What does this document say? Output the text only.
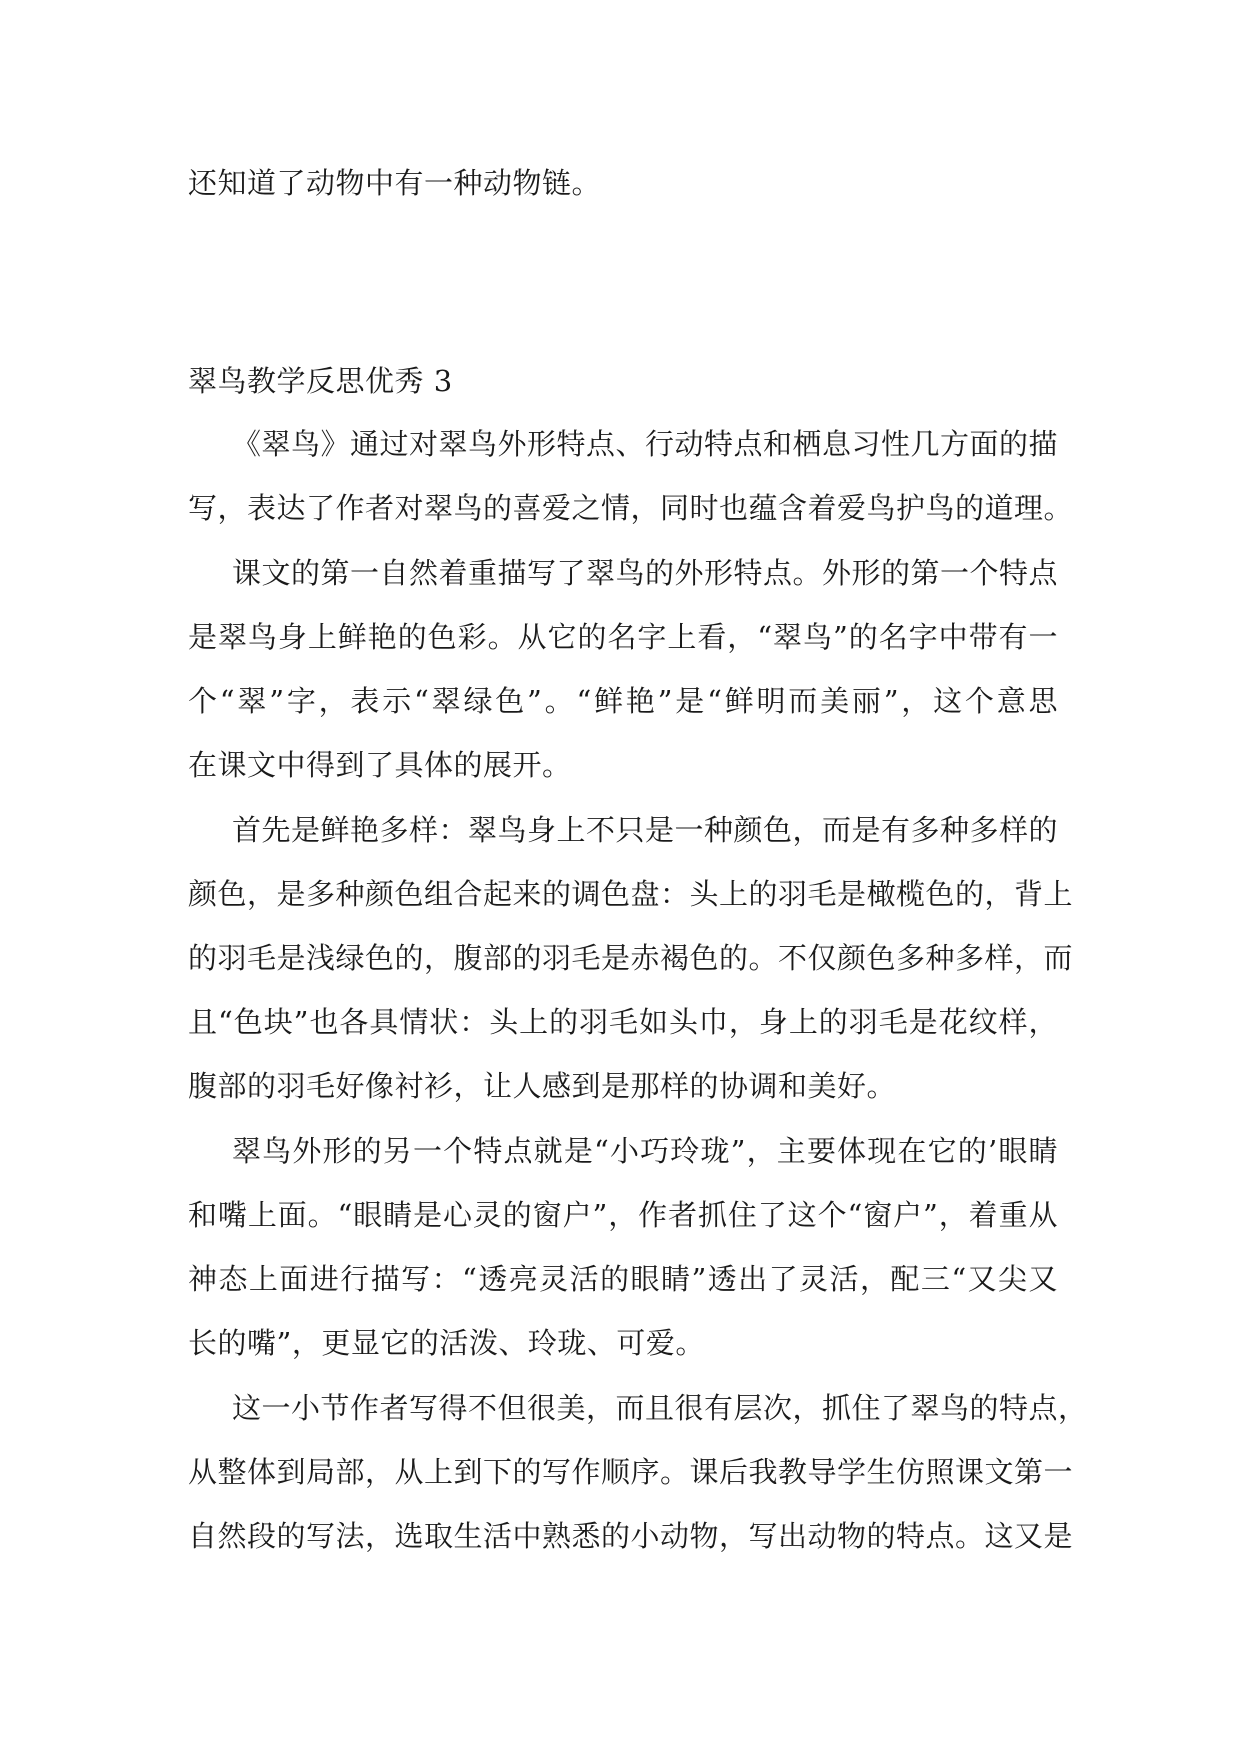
还知道了动物中有一种动物链。
翠鸟教学反思优秀 3
《翠鸟》通过对翠鸟外形特点、行动特点和栖息习性几方面的描
写，表达了作者对翠鸟的喜爱之情，同时也蕴含着爱鸟护鸟的道理。
课文的第一自然着重描写了翠鸟的外形特点。外形的第一个特点
是翠鸟身上鲜艳的色彩。从它的名字上看，“翠鸟”的名字中带有一
个“翠”字，表示“翠绿色”。“鲜艳”是“鲜明而美丽”，这个意思
在课文中得到了具体的展开。
首先是鲜艳多样：翠鸟身上不只是一种颜色，而是有多种多样的
颜色，是多种颜色组合起来的调色盘：头上的羽毛是橄榄色的，背上
的羽毛是浅绿色的，腹部的羽毛是赤褐色的。不仅颜色多种多样，而
且“色块”也各具情状：头上的羽毛如头巾，身上的羽毛是花纹样，
腹部的羽毛好像衬衫，让人感到是那样的协调和美好。
翠鸟外形的另一个特点就是“小巧玲珑”，主要体现在它的’眼睛
和嘴上面。“眼睛是心灵的窗户”，作者抓住了这个“窗户”，着重从
神态上面进行描写：“透亮灵活的眼睛”透出了灵活，配三“又尖又
长的嘴”，更显它的活泼、玲珑、可爱。
这一小节作者写得不但很美，而且很有层次，抓住了翠鸟的特点，
从整体到局部，从上到下的写作顺序。课后我教导学生仿照课文第一
自然段的写法，选取生活中熟悉的小动物，写出动物的特点。这又是
